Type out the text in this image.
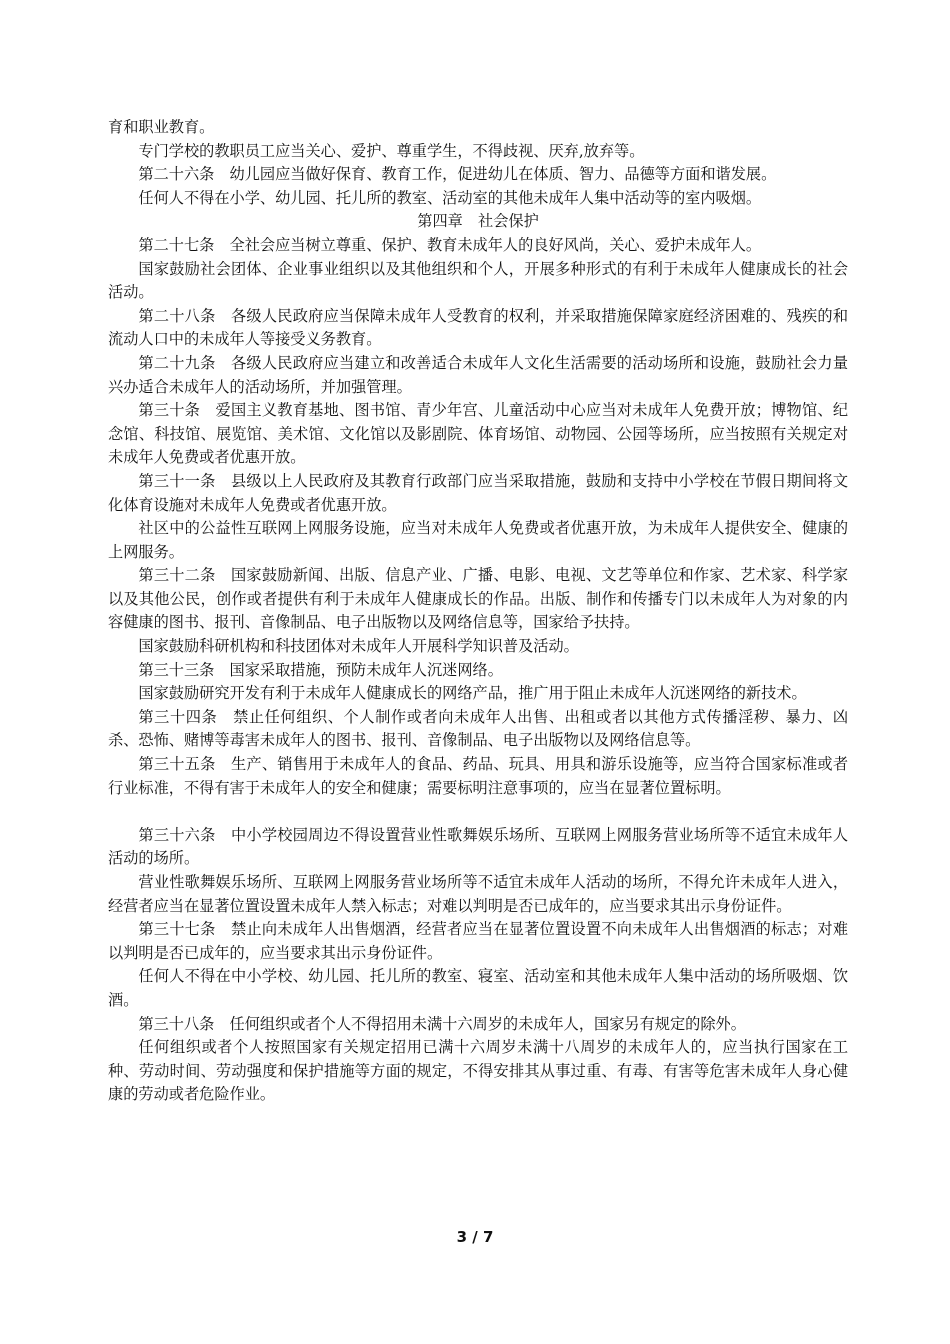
育和职业教育。

专门学校的教职员工应当关心、爱护、尊重学生，不得歧视、厌弃,放弃等。

第二十六条　幼儿园应当做好保育、教育工作，促进幼儿在体质、智力、品德等方面和谐发展。

任何人不得在小学、幼儿园、托儿所的教室、活动室的其他未成年人集中活动等的室内吸烟。

第四章　社会保护

第二十七条　全社会应当树立尊重、保护、教育未成年人的良好风尚，关心、爱护未成年人。

国家鼓励社会团体、企业事业组织以及其他组织和个人，开展多种形式的有利于未成年人健康成长的社会活动。

第二十八条　各级人民政府应当保障未成年人受教育的权利，并采取措施保障家庭经济困难的、残疾的和流动人口中的未成年人等接受义务教育。

第二十九条　各级人民政府应当建立和改善适合未成年人文化生活需要的活动场所和设施，鼓励社会力量兴办适合未成年人的活动场所，并加强管理。

第三十条　爱国主义教育基地、图书馆、青少年宫、儿童活动中心应当对未成年人免费开放；博物馆、纪念馆、科技馆、展览馆、美术馆、文化馆以及影剧院、体育场馆、动物园、公园等场所，应当按照有关规定对未成年人免费或者优惠开放。

第三十一条　县级以上人民政府及其教育行政部门应当采取措施，鼓励和支持中小学校在节假日期间将文化体育设施对未成年人免费或者优惠开放。

社区中的公益性互联网上网服务设施，应当对未成年人免费或者优惠开放，为未成年人提供安全、健康的上网服务。

第三十二条　国家鼓励新闻、出版、信息产业、广播、电影、电视、文艺等单位和作家、艺术家、科学家以及其他公民，创作或者提供有利于未成年人健康成长的作品。出版、制作和传播专门以未成年人为对象的内容健康的图书、报刊、音像制品、电子出版物以及网络信息等，国家给予扶持。

国家鼓励科研机构和科技团体对未成年人开展科学知识普及活动。

第三十三条　国家采取措施，预防未成年人沉迷网络。

国家鼓励研究开发有利于未成年人健康成长的网络产品，推广用于阻止未成年人沉迷网络的新技术。

第三十四条　禁止任何组织、个人制作或者向未成年人出售、出租或者以其他方式传播淫秽、暴力、凶杀、恐怖、赌博等毒害未成年人的图书、报刊、音像制品、电子出版物以及网络信息等。

第三十五条　生产、销售用于未成年人的食品、药品、玩具、用具和游乐设施等，应当符合国家标准或者行业标准，不得有害于未成年人的安全和健康；需要标明注意事项的，应当在显著位置标明。

第三十六条　中小学校园周边不得设置营业性歌舞娱乐场所、互联网上网服务营业场所等不适宜未成年人活动的场所。

营业性歌舞娱乐场所、互联网上网服务营业场所等不适宜未成年人活动的场所，不得允许未成年人进入，经营者应当在显著位置设置未成年人禁入标志；对难以判明是否已成年的，应当要求其出示身份证件。

第三十七条　禁止向未成年人出售烟酒，经营者应当在显著位置设置不向未成年人出售烟酒的标志；对难以判明是否已成年的，应当要求其出示身份证件。

任何人不得在中小学校、幼儿园、托儿所的教室、寝室、活动室和其他未成年人集中活动的场所吸烟、饮酒。

第三十八条　任何组织或者个人不得招用未满十六周岁的未成年人，国家另有规定的除外。

任何组织或者个人按照国家有关规定招用已满十六周岁未满十八周岁的未成年人的，应当执行国家在工种、劳动时间、劳动强度和保护措施等方面的规定，不得安排其从事过重、有毒、有害等危害未成年人身心健康的劳动或者危险作业。

3 / 7
